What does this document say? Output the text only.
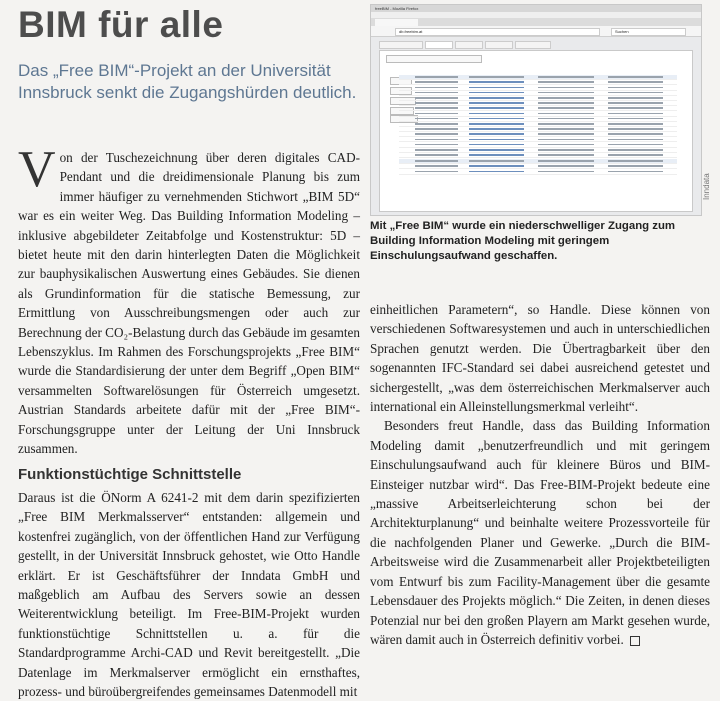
BIM für alle
Das „Free BIM“-Projekt an der Universität Innsbruck senkt die Zugangshürden deutlich.

Von der Tuschezeichnung über deren digitales CAD-Pendant und die dreidimensionale Planung bis zum immer häufiger zu vernehmenden Stichwort „BIM 5D“ war es ein weiter Weg. Das Building Information Modeling – inklusive abgebildeter Zeitabfolge und Kostenstruktur: 5D – bietet heute mit den darin hinterlegten Daten die Möglichkeit zur bauphysikalischen Auswertung eines Gebäudes. Sie dienen als Grundinformation für die statische Bemessung, zur Ermittlung von Ausschreibungsmengen oder auch zur Berechnung der CO₂-Belastung durch das Gebäude im gesamten Lebenszyklus. Im Rahmen des Forschungsprojekts „Free BIM“ wurde die Standardisierung der unter dem Begriff „Open BIM“ versammelten Softwarelösungen für Österreich umgesetzt. Austrian Standards arbeitete dafür mit der „Free BIM“-Forschungsgruppe unter der Leitung der Uni Innsbruck zusammen.

Funktionstüchtige Schnittstelle

Daraus ist die ÖNorm A 6241-2 mit dem darin spezifizierten „Free BIM Merkmalsserver“ entstanden: allgemein und kostenfrei zugänglich, von der öffentlichen Hand zur Verfügung gestellt, in der Universität Innsbruck gehostet, wie Otto Handle erklärt. Er ist Geschäftsführer der Inndata GmbH und maßgeblich am Aufbau des Servers sowie an dessen Weiterentwicklung beteiligt. Im Free-BIM-Projekt wurden funktionstüchtige Schnittstellen u. a. für die Standardprogramme Archi-CAD und Revit bereitgestellt. „Die Datenlage im Merkmalserver ermöglicht ein ernsthaftes, prozess- und büroübergreifendes gemeinsames Datenmodell mit

freeBIM - Mozilla Firefox
db.freebim.at	Suchen
Inndata
Mit „Free BIM“ wurde ein niederschwelliger Zugang zum Building Information Modeling mit geringem Einschulungsaufwand geschaffen.

einheitlichen Parametern“, so Handle. Diese können von verschiedenen Softwaresystemen und auch in unterschiedlichen Sprachen genutzt werden. Die Übertragbarkeit über den sogenannten IFC-Standard sei dabei ausreichend getestet und sichergestellt, „was dem österreichischen Merkmalserver auch international ein Alleinstellungsmerkmal verleiht“.

Besonders freut Handle, dass das Building Information Modeling damit „benutzerfreundlich und mit geringem Einschulungsaufwand auch für kleinere Büros und BIM-Einsteiger nutzbar wird“. Das Free-BIM-Projekt bedeute eine „massive Arbeitserleichterung schon bei der Architekturplanung“ und beinhalte weitere Prozessvorteile für die nachfolgenden Planer und Gewerke. „Durch die BIM-Arbeitsweise wird die Zusammenarbeit aller Projektbeteiligten vom Entwurf bis zum Facility-Management über die gesamte Lebensdauer des Projekts möglich.“ Die Zeiten, in denen dieses Potenzial nur bei den großen Playern am Markt gesehen wurde, wären damit auch in Österreich definitiv vorbei.
